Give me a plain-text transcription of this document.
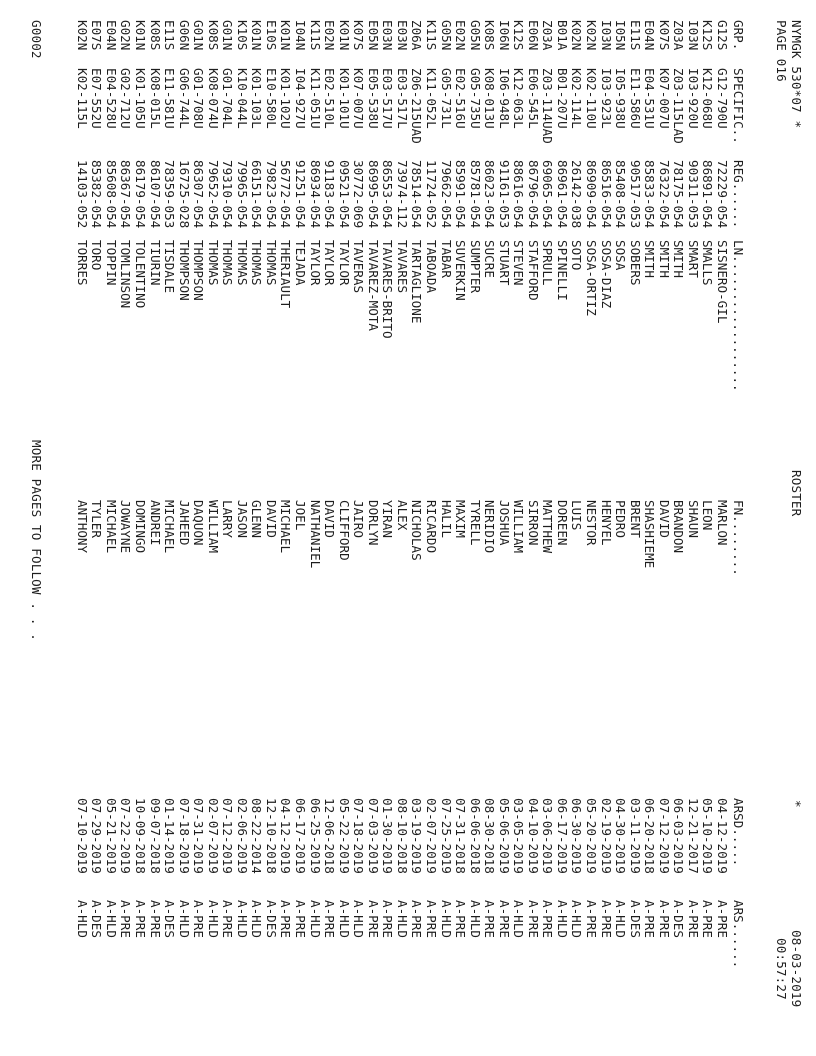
NYMGK 530*07 *
ROSTER
*
08-03-2019
PAGE 016
00:57:27
GRP.
SPECIFIC..
REG......
LN..................
FN........
ARSD.....
ARS......
G12S
G12-790U
72229-054
SISNERO-GIL
MARLON
04-12-2019
A-PRE
K12S
K12-068U
86891-054
SMALLS
LEON
05-10-2019
A-PRE
I03N
I03-920U
90311-053
SMART
SHAUN
12-21-2017
A-PRE
Z03A
Z03-115LAD
78175-054
SMITH
BRANDON
06-03-2019
A-DES
K07S
K07-007U
76322-054
SMITH
DAVID
07-12-2019
A-PRE
E04N
E04-531U
85833-054
SMITH
SHASHIEME
06-20-2018
A-PRE
E11S
E11-586U
90517-053
SOBERS
BRENT
03-11-2019
A-DES
I05N
I05-938U
85408-054
SOSA
PEDRO
04-30-2019
A-HLD
I03N
I03-923L
86516-054
SOSA-DIAZ
HENYEL
02-19-2019
A-PRE
K02N
K02-110U
86909-054
SOSA-ORTIZ
NESTOR
05-20-2019
A-PRE
K02N
K02-114L
26142-038
SOTO
LUIS
06-30-2019
A-HLD
B01A
B01-207U
86961-054
SPINELLI
DOREEN
06-17-2019
A-HLD
Z03A
Z03-114UAD
69065-054
SPRULL
MATTHEW
03-06-2019
A-PRE
E06N
E06-545L
86796-054
STAFFORD
SIRRON
04-10-2019
A-PRE
K12S
K12-063L
88616-054
STEVEN
WILLIAM
03-05-2019
A-HLD
I06N
I06-948L
91161-053
STUART
JOSHUA
05-06-2019
A-PRE
K08S
K08-013U
86023-054
SUCRE
NERIDIO
08-30-2018
A-PRE
G05N
G05-735U
85781-054
SUMPTER
TYRELL
06-06-2018
A-HLD
E02N
E02-516U
85991-054
SUVERKIN
MAXIM
07-31-2018
A-PRE
G05N
G05-731L
79662-054
TABAR
HALIL
07-25-2019
A-HLD
K11S
K11-052L
11724-052
TABOADA
RICARDO
02-07-2019
A-PRE
Z06A
Z06-215UAD
78514-054
TARTAGLIONE
NICHOLAS
03-19-2019
A-PRE
E03N
E03-517L
73974-112
TAVARES
ALEX
08-10-2018
A-HLD
E03N
E03-517U
86553-054
TAVARES-BRITO
YIRAN
01-30-2019
A-PRE
E05N
E05-538U
86995-054
TAVAREZ-MOTA
DORLYN
07-03-2019
A-PRE
K07S
K07-007U
30772-069
TAVERAS
JAIRO
07-18-2019
A-HLD
K01N
K01-101U
09521-054
TAYLOR
CLIFFORD
05-22-2019
A-HLD
E02N
E02-510L
91183-054
TAYLOR
DAVID
12-06-2018
A-PRE
K11S
K11-051U
86934-054
TAYLOR
NATHANIEL
06-25-2019
A-HLD
I04N
I04-927U
91251-054
TEJADA
JOEL
06-17-2019
A-PRE
K01N
K01-102U
56772-054
THERIAULT
MICHAEL
04-12-2019
A-PRE
E10S
E10-580L
79823-054
THOMAS
DAVID
12-10-2018
A-DES
K01N
K01-103L
66151-054
THOMAS
GLENN
08-22-2014
A-HLD
K10S
K10-044L
79965-054
THOMAS
JASON
02-06-2019
A-HLD
G01N
G01-704L
79310-054
THOMAS
LARRY
07-12-2019
A-PRE
K08S
K08-074U
79652-054
THOMAS
WILLIAM
02-07-2019
A-HLD
G01N
G01-708U
86307-054
THOMPSON
DAQUON
07-31-2019
A-PRE
G06N
G06-744L
16725-028
THOMPSON
JAHEED
07-18-2019
A-HLD
E11S
E11-581U
78359-053
TISDALE
MICHAEL
01-14-2019
A-DES
K08S
K08-015L
86107-054
TIURIN
ANDREI
09-07-2018
A-PRE
K01N
K01-105U
86179-054
TOLENTINO
DOMINGO
10-09-2018
A-PRE
G02N
G02-712U
86367-054
TOMLINSON
JOWAYNE
07-22-2019
A-PRE
E04N
E04-528U
85608-054
TOPPIN
MICHAEL
05-21-2019
A-HLD
E07S
E07-552U
85382-054
TORO
TYLER
07-29-2019
A-DES
K02N
K02-115L
14103-052
TORRES
ANTHONY
07-10-2019
A-HLD
G0002
MORE PAGES TO FOLLOW . . .
